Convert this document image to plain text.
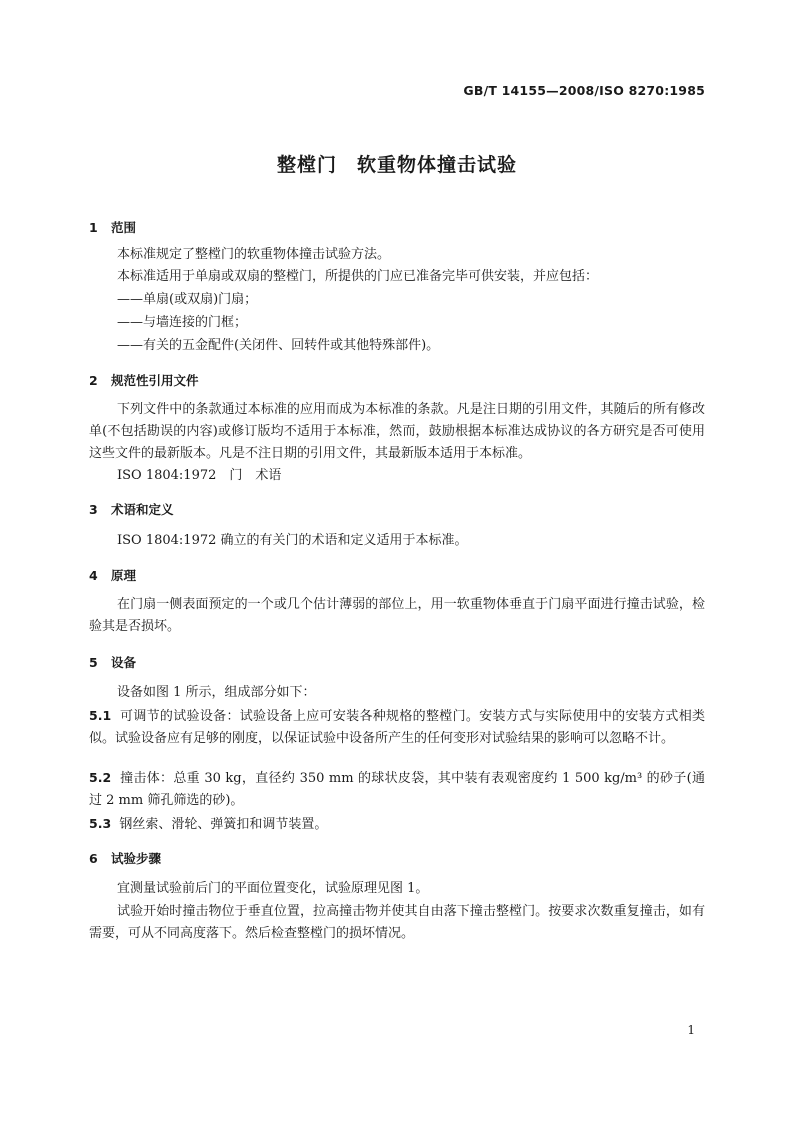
GB/T 14155—2008/ISO 8270:1985
整樘门　软重物体撞击试验
1 范围
本标准规定了整樘门的软重物体撞击试验方法。
本标准适用于单扇或双扇的整樘门，所提供的门应已准备完毕可供安装，并应包括：
——单扇(或双扇)门扇；
——与墙连接的门框；
——有关的五金配件(关闭件、回转件或其他特殊部件)。
2 规范性引用文件
下列文件中的条款通过本标准的应用而成为本标准的条款。凡是注日期的引用文件，其随后的所有修改单(不包括勘误的内容)或修订版均不适用于本标准，然而，鼓励根据本标准达成协议的各方研究是否可使用这些文件的最新版本。凡是不注日期的引用文件，其最新版本适用于本标准。
ISO 1804:1972　门　术语
3 术语和定义
ISO 1804:1972 确立的有关门的术语和定义适用于本标准。
4 原理
在门扇一侧表面预定的一个或几个估计薄弱的部位上，用一软重物体垂直于门扇平面进行撞击试验，检验其是否损坏。
5 设备
设备如图 1 所示，组成部分如下：
5.1 可调节的试验设备：试验设备上应可安装各种规格的整樘门。安装方式与实际使用中的安装方式相类似。试验设备应有足够的刚度，以保证试验中设备所产生的任何变形对试验结果的影响可以忽略不计。
5.2 撞击体：总重 30 kg，直径约 350 mm 的球状皮袋，其中装有表观密度约 1 500 kg/m³ 的砂子(通过 2 mm 筛孔筛选的砂)。
5.3 钢丝索、滑轮、弹簧扣和调节装置。
6 试验步骤
宜测量试验前后门的平面位置变化，试验原理见图 1。
试验开始时撞击物位于垂直位置，拉高撞击物并使其自由落下撞击整樘门。按要求次数重复撞击，如有需要，可从不同高度落下。然后检查整樘门的损坏情况。
1
